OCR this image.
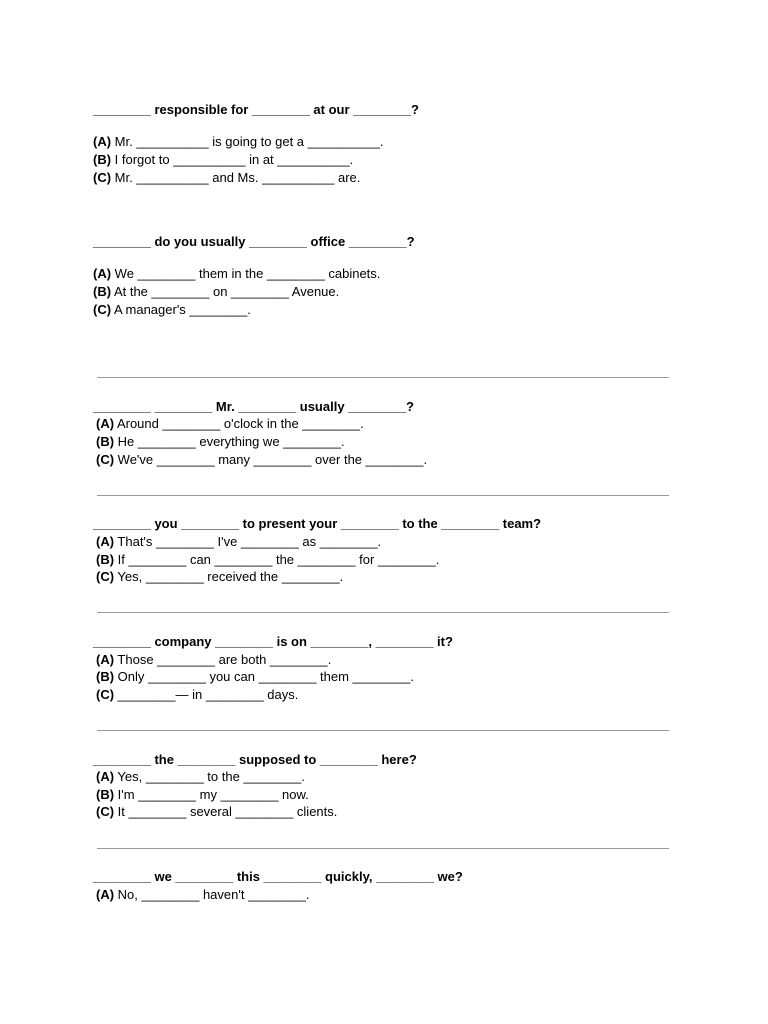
________ responsible for ________ at our ________?
(A) Mr. __________ is going to get a __________.
(B) I forgot to __________ in at __________.
(C) Mr. __________ and Ms. __________ are.
________ do you usually ________ office ________?
(A) We ________ them in the ________ cabinets.
(B) At the ________ on ________ Avenue.
(C) A manager's ________.
________ ________ Mr. ________ usually ________?
(A) Around ________ o'clock in the ________.
(B) He ________ everything we ________.
(C) We've ________ many ________ over the ________.
________ you ________ to present your ________ to the ________ team?
(A) That's ________ I've ________ as ________.
(B) If ________ can ________ the ________ for ________.
(C) Yes, ________ received the ________.
________ company ________ is on ________, ________ it?
(A) Those ________ are both ________.
(B) Only ________ you can ________ them ________.
(C) ________— in ________ days.
________ the ________ supposed to ________ here?
(A) Yes, ________ to the ________.
(B) I'm ________ my ________ now.
(C) It ________ several ________ clients.
________ we ________ this ________ quickly, ________ we?
(A) No, ________ haven't ________.
